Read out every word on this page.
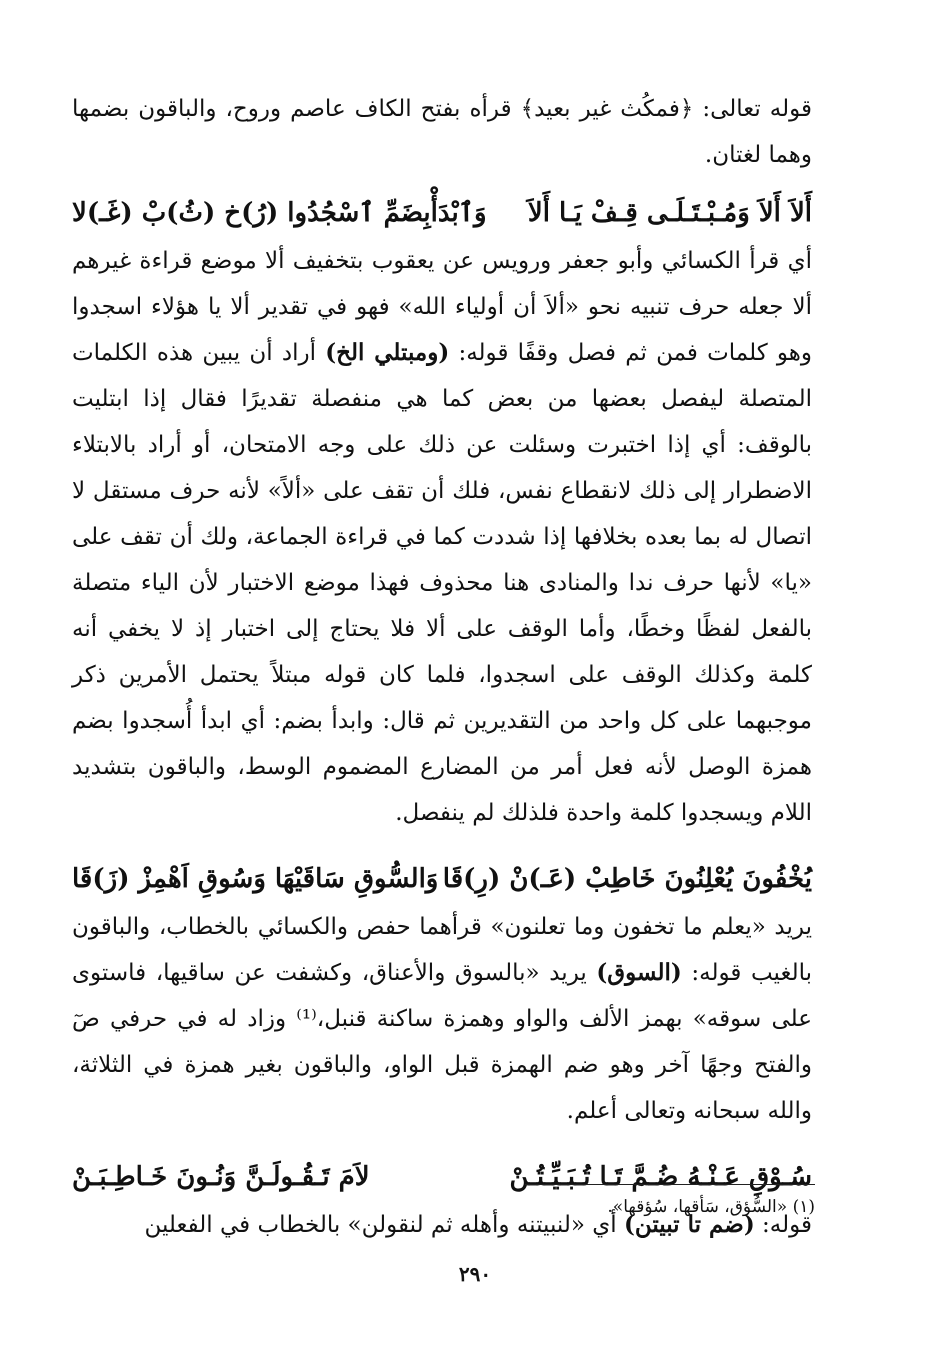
قوله تعالى: ﴿فمكُث غير بعيد﴾ قرأه بفتح الكاف عاصم وروح، والباقون بضمها وهما لغتان.

أَلاَ أَلاَ وَمُـبْـتَـلَـى قِـفْ يَـا أَلاَ
وَٱبْدَأْبِضَمِّ ٱسْجُدُوا (رُ)خ (ثُ)بْ (غَـ)لا

أي قرأ الكسائي وأبو جعفر ورويس عن يعقوب بتخفيف ألا موضع قراءة غيرهم ألا جعله حرف تنبيه نحو «ألاَ أن أولياء الله» فهو في تقدير ألا يا هؤلاء اسجدوا وهو كلمات فمن ثم فصل وقفًا قوله: (ومبتلي الخ) أراد أن يبين هذه الكلمات المتصلة ليفصل بعضها من بعض كما هي منفصلة تقديرًا فقال إذا ابتليت بالوقف: أي إذا اختبرت وسئلت عن ذلك على وجه الامتحان، أو أراد بالابتلاء الاضطرار إلى ذلك لانقطاع نفس، فلك أن تقف على «ألاً» لأنه حرف مستقل لا اتصال له بما بعده بخلافها إذا شددت كما في قراءة الجماعة، ولك أن تقف على «يا» لأنها حرف ندا والمنادى هنا محذوف فهذا موضع الاختبار لأن الياء متصلة بالفعل لفظًا وخطًا، وأما الوقف على ألا فلا يحتاج إلى اختبار إذ لا يخفي أنه كلمة وكذلك الوقف على اسجدوا، فلما كان قوله مبتلاً يحتمل الأمرين ذكر موجبهما على كل واحد من التقديرين ثم قال: وابدأ بضم: أي ابدأ أُسجدوا بضم همزة الوصل لأنه فعل أمر من المضارع المضموم الوسط، والباقون بتشديد اللام ويسجدوا كلمة واحدة فلذلك لم ينفصل.

يُخْفُونَ يُعْلِنُونَ خَاطِبْ (عَـ)نْ (رِ)قَا
وَالسُّوقِ سَاقَيْهَا وَسُوقِ اَهْمِزْ (زَ)قَا

يريد «يعلم ما تخفون وما تعلنون» قرأهما حفص والكسائي بالخطاب، والباقون بالغيب قوله: (السوق) يريد «بالسوق والأعناق، وكشفت عن ساقيها، فاستوى على سوقه» بهمز الألف والواو وهمزة ساكنة قنبل،⁽¹⁾ وزاد له في حرفي صٓ والفتح وجهًا آخر وهو ضم الهمزة قبل الواو، والباقون بغير همزة في الثلاثة، والله سبحانه وتعالى أعلم.

سُـوْقِ عَـنْـهُ ضُـمَّ تَـا تُـبَـيِّـتُـنْ
لاَمَ تَـقُـولَـنَّ وَنُـونَ خَـاطِـبَـنْ

قوله: (ضم تا تبيتن) أي «لنبيتنه وأهله ثم لنقولن» بالخطاب في الفعلين

(١) «السُّؤق، سَأقها، سُؤقها».

٢٩٠
